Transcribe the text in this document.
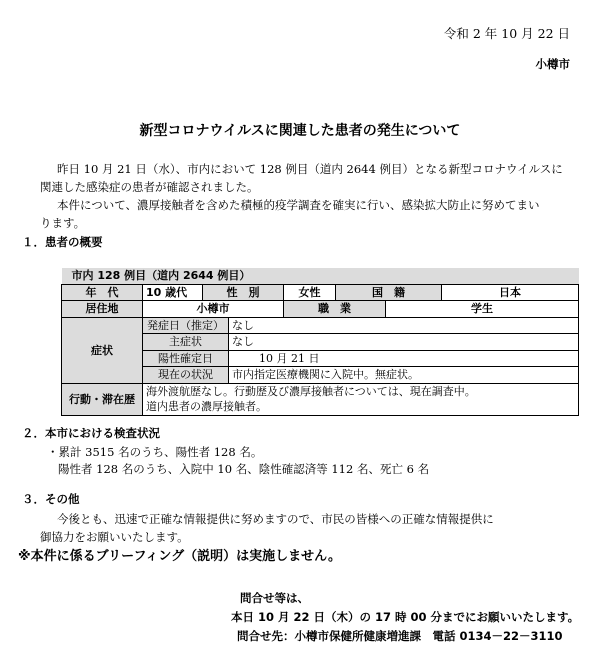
令和 2 年 10 月 22 日
小樽市
新型コロナウイルスに関連した患者の発生について
昨日 10 月 21 日（水）、市内において 128 例目（道内 2644 例目）となる新型コロナウイルスに
関連した感染症の患者が確認されました。
本件について、濃厚接触者を含めた積極的疫学調査を確実に行い、感染拡大防止に努めてまい
ります。
１．患者の概要
市内 128 例目（道内 2644 例目）							
年　代	10 歳代	性　別		女性	国　籍		日本
居住地	小樽市			職　業		学生	
症状	発症日（推定）		なし				
	主症状		なし				
	陽性確定日		10 月 21 日				
	現在の状況		市内指定医療機関に入院中。無症状。				
行動・滞在歴	海外渡航歴なし。行動歴及び濃厚接触者については、現在調査中。						
	道内患者の濃厚接触者。						
２．本市における検査状況
・累計 3515 名のうち、陽性者 128 名。
陽性者 128 名のうち、入院中 10 名、陰性確認済等 112 名、死亡 6 名
３．その他
今後とも、迅速で正確な情報提供に努めますので、市民の皆様への正確な情報提供に
御協力をお願いいたします。
※本件に係るブリーフィング（説明）は実施しません。
問合せ等は、
本日 10 月 22 日（木）の 17 時 00 分までにお願いいたします。
問合せ先：小樽市保健所健康増進課　電話 0134－22－3110
